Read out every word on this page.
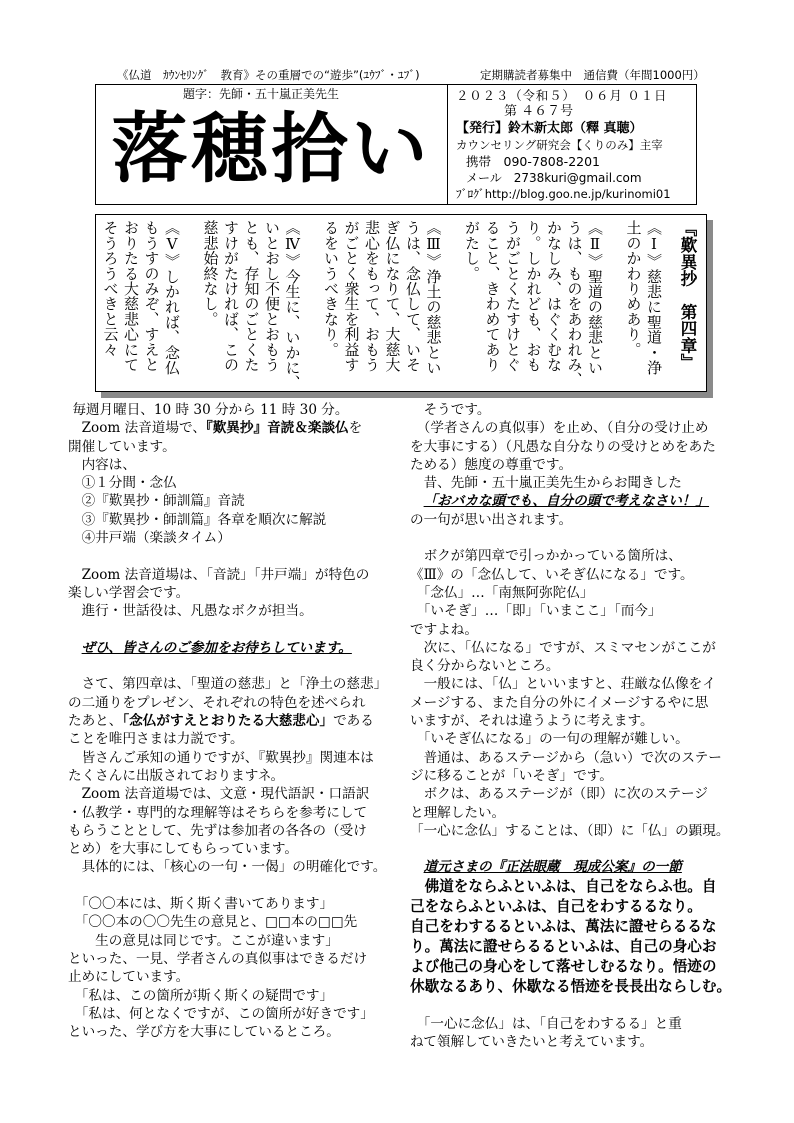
《仏道　ｶｳﾝｾﾘﾝｸﾞ　教育》その重層での“遊歩”(ﾕｳﾌﾞ・ﾕﾌﾞ)	定期購読者募集中　通信費（年間1000円）
題字：先師・五十嵐正美先生
落穂拾い
２０２３（令和５）　０６月 ０１日
第 ４６７号
【発行】鈴木新太郎（釋 真聴）
カウンセリング研究会【くりのみ】主宰
携帯　090-7808-2201
メール　2738kuri@gmail.com
ﾌﾞﾛｸﾞhttp://blog.goo.ne.jp/kurinomi01
『歎異抄　第四章』
《Ⅰ》慈悲に聖道・浄
土のかわりめあり。
《Ⅱ》聖道の慈悲とい
うは、ものをあわれみ、
かなしみ、はぐくむな
り。しかれども、おも
うがごとくたすけとぐ
ること、きわめてあり
がたし。
《Ⅲ》浄土の慈悲とい
うは、念仏して、いそ
ぎ仏になりて、大慈大
悲心をもって、おもう
がごとく衆生を利益す
るをいうべきなり。
《Ⅳ》今生に、いかに、
いとおし不便とおもう
とも、存知のごとくた
すけがたければ、この
慈悲始終なし。
《Ⅴ》しかれば、念仏
もうすのみぞ、すえと
おりたる大慈悲心にて
そうろうべきと云々
毎週月曜日、10 時 30 分から 11 時 30 分。
　Zoom 法音道場で、『歎異抄』音読＆楽談仏を
開催しています。
　内容は、
　①１分間・念仏
　②『歎異抄・師訓篇』音読
　③『歎異抄・師訓篇』各章を順次に解説
　④井戸端（楽談タイム）
　Zoom 法音道場は、「音読」「井戸端」が特色の
楽しい学習会です。
　進行・世話役は、凡愚なボクが担当。
ぜひ、皆さんのご参加をお待ちしています。
　さて、第四章は、「聖道の慈悲」と「浄土の慈悲」
の二通りをプレゼン、それぞれの特色を述べられ
たあと、「念仏がすえとおりたる大慈悲心」である
ことを唯円さまは力説です。
　皆さんご承知の通りですが、『歎異抄』関連本は
たくさんに出版されておりますネ。
　Zoom 法音道場では、文意・現代語訳・口語訳
・仏教学・専門的な理解等はそちらを参考にして
もらうこととして、先ずは参加者の各各の（受け
とめ）を大事にしてもらっています。
　具体的には、「核心の一句・一偈」の明確化です。
　「〇〇本には、斯く斯く書いてあります」
　「〇〇本の〇〇先生の意見と、□□本の□□先
　　生の意見は同じです。ここが違います」
といった、一見、学者さんの真似事はできるだけ
止めにしています。
　「私は、この箇所が斯く斯くの疑問です」
　「私は、何となくですが、この箇所が好きです」
といった、学び方を大事にしているところ。
　そうです。
　（学者さんの真似事）を止め、（自分の受け止め
を大事にする）（凡愚な自分なりの受けとめをあた
ためる）態度の尊重です。
　昔、先師・五十嵐正美先生からお聞きした
「おバカな頭でも、自分の頭で考えなさい！」
の一句が思い出されます。
　ボクが第四章で引っかかっている箇所は、
《Ⅲ》の「念仏して、いそぎ仏になる」です。
　「念仏」…「南無阿弥陀仏」
　「いそぎ」…「即」「いまここ」「而今」
ですよね。
　次に、「仏になる」ですが、スミマセンがここが
良く分からないところ。
　一般には、「仏」といいますと、荘厳な仏像をイ
メージする、また自分の外にイメージするやに思
いますが、それは違うように考えます。
　「いそぎ仏になる」の一句の理解が難しい。
　普通は、あるステージから（急い）で次のステー
ジに移ることが「いそぎ」です。
　ボクは、あるステージが（即）に次のステージ
と理解したい。
「一心に念仏」することは、（即）に「仏」の顕現。
道元さまの『正法眼蔵　現成公案』の一節
　佛道をならふといふは、自己をならふ也。自
己をならふといふは、自己をわするるなり。
自己をわするるといふは、萬法に證せらるるな
り。萬法に證せらるるといふは、自己の身心お
よび他己の身心をして落せしむるなり。悟迹の
休歇なるあり、休歇なる悟迹を長長出ならしむ。
　「一心に念仏」は、「自己をわするる」と重
ねて領解していきたいと考えています。
